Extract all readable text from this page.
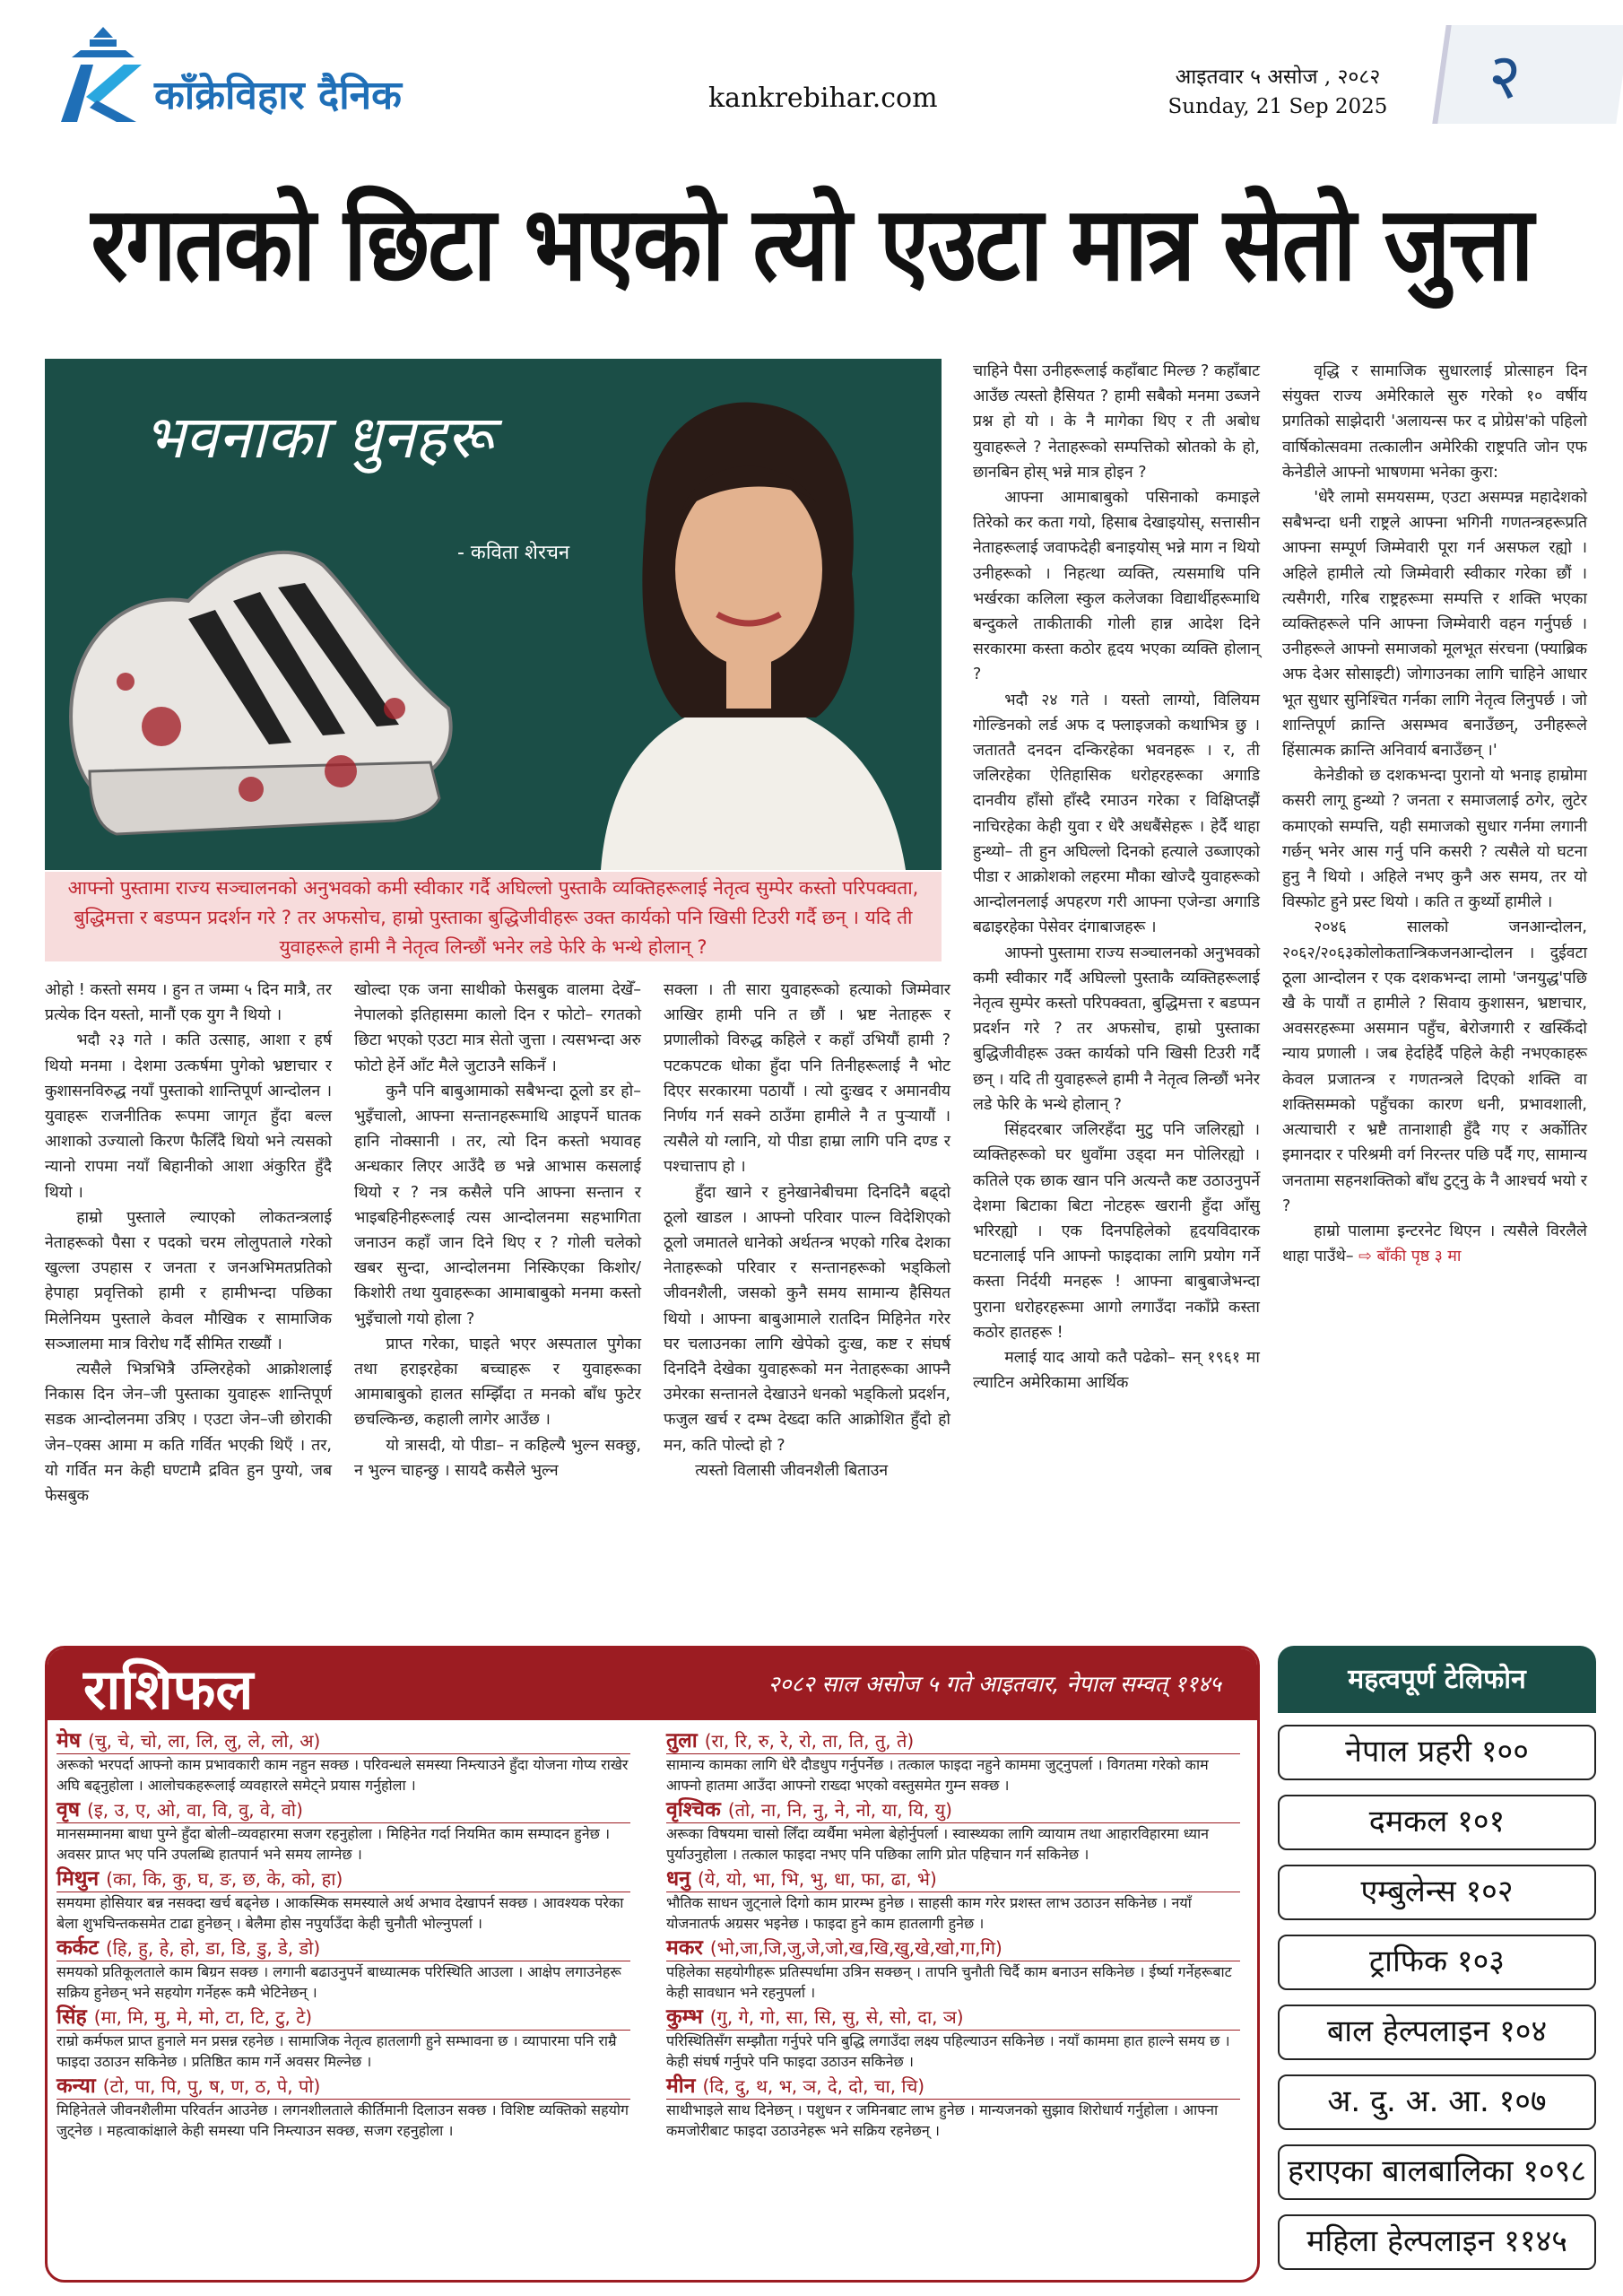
काँक्रेविहार दैनिक	kankrebihar.com
आइतवार ५ असोज , २०८२
Sunday, 21 Sep 2025 २
रगतको छिटा भएको त्यो एउटा मात्र सेतो जुत्ता
भवनाका धुनहरू
- कविता शेरचन
आफ्नो पुस्तामा राज्य सञ्चालनको अनुभवको कमी स्वीकार गर्दै अघिल्लो पुस्ताकै व्यक्तिहरूलाई नेतृत्व सुम्पेर कस्तो परिपक्वता, बुद्धिमत्ता र बडप्पन प्रदर्शन गरे ? तर अफसोच, हाम्रो पुस्ताका बुद्धिजीवीहरू उक्त कार्यको पनि खिसी टिउरी गर्दै छन् । यदि ती युवाहरूले हामी नै नेतृत्व लिन्छौं भनेर लडे फेरि के भन्थे होलान् ?

ओहो ! कस्तो समय । हुन त जम्मा ५ दिन मात्रै, तर प्रत्येक दिन यस्तो, मानौं एक युग नै थियो ।

भदौ २३ गते । कति उत्साह, आशा र हर्ष थियो मनमा । देशमा उत्कर्षमा पुगेको भ्रष्टाचार र कुशासनविरुद्ध नयाँ पुस्ताको शान्तिपूर्ण आन्दोलन । युवाहरू राजनीतिक रूपमा जागृत हुँदा बल्ल आशाको उज्यालो किरण फैलिँदै थियो भने त्यसको न्यानो रापमा नयाँ बिहानीको आशा अंकुरित हुँदै थियो ।

हाम्रो पुस्ताले ल्याएको लोकतन्त्रलाई नेताहरूको पैसा र पदको चरम लोलुपताले गरेको खुल्ला उपहास र जनता र जनअभिमतप्रतिको हेपाहा प्रवृत्तिको हामी र हामीभन्दा पछिका मिलेनियम पुस्ताले केवल मौखिक र सामाजिक सञ्जालमा मात्र विरोध गर्दै सीमित राख्यौं ।

त्यसैले भित्रभित्रै उम्लिरहेको आक्रोशलाई निकास दिन जेन–जी पुस्ताका युवाहरू शान्तिपूर्ण सडक आन्दोलनमा उत्रिए । एउटा जेन–जी छोराकी जेन–एक्स आमा म कति गर्वित भएकी थिएँ । तर, यो गर्वित मन केही घण्टामै द्रवित हुन पुग्यो, जब फेसबुक

खोल्दा एक जना साथीको फेसबुक वालमा देखेँ– नेपालको इतिहासमा कालो दिन र फोटो– रगतको छिटा भएको एउटा मात्र सेतो जुत्ता । त्यसभन्दा अरु फोटो हेर्ने आँट मैले जुटाउनै सकिनँ ।

कुनै पनि बाबुआमाको सबैभन्दा ठूलो डर हो– भुइँचालो, आफ्ना सन्तानहरूमाथि आइपर्ने घातक हानि नोक्सानी । तर, त्यो दिन कस्तो भयावह अन्धकार लिएर आउँदै छ भन्ने आभास कसलाई थियो र ? नत्र कसैले पनि आफ्ना सन्तान र भाइबहिनीहरूलाई त्यस आन्दोलनमा सहभागिता जनाउन कहाँ जान दिने थिए र ? गोली चलेको खबर सुन्दा, आन्दोलनमा निस्किएका किशोर/किशोरी तथा युवाहरूका आमाबाबुको मनमा कस्तो भुइँचालो गयो होला ?

प्राप्त गरेका, घाइते भएर अस्पताल पुगेका तथा हराइरहेका बच्चाहरू र युवाहरूका आमाबाबुको हालत सम्झिँदा त मनको बाँध फुटेर छचल्किन्छ, कहाली लागेर आउँछ ।

यो त्रासदी, यो पीडा– न कहिल्यै भुल्न सक्छु, न भुल्न चाहन्छु । सायदै कसैले भुल्न

सक्ला । ती सारा युवाहरूको हत्याको जिम्मेवार आखिर हामी पनि त छौं । भ्रष्ट नेताहरू र प्रणालीको विरुद्ध कहिले र कहाँ उभियौं हामी ? पटकपटक धोका हुँदा पनि तिनीहरूलाई नै भोट दिएर सरकारमा पठायौं । त्यो दुःखद र अमानवीय निर्णय गर्न सक्ने ठाउँमा हामीले नै त पुऱ्यायौं । त्यसैले यो ग्लानि, यो पीडा हाम्रा लागि पनि दण्ड र पश्चात्ताप हो ।

हुँदा खाने र हुनेखानेबीचमा दिनदिनै बढ्दो ठूलो खाडल । आफ्नो परिवार पाल्न विदेशिएको ठूलो जमातले धानेको अर्थतन्त्र भएको गरिब देशका नेताहरूको परिवार र सन्तानहरूको भड्किलो जीवनशैली, जसको कुनै समय सामान्य हैसियत थियो । आफ्ना बाबुआमाले रातदिन मिहिनेत गरेर घर चलाउनका लागि खेपेको दुःख, कष्ट र संघर्ष दिनदिनै देखेका युवाहरूको मन नेताहरूका आफ्नै उमेरका सन्तानले देखाउने धनको भड्किलो प्रदर्शन, फजुल खर्च र दम्भ देख्दा कति आक्रोशित हुँदो हो मन, कति पोल्दो हो ?

त्यस्तो विलासी जीवनशैली बिताउन

चाहिने पैसा उनीहरूलाई कहाँबाट मिल्छ ? कहाँबाट आउँछ त्यस्तो हैसियत ? हामी सबैको मनमा उब्जने प्रश्न हो यो । के नै मागेका थिए र ती अबोध युवाहरूले ? नेताहरूको सम्पत्तिको स्रोतको के हो, छानबिन होस् भन्ने मात्र होइन ?

आफ्ना आमाबाबुको पसिनाको कमाइले तिरेको कर कता गयो, हिसाब देखाइयोस्, सत्तासीन नेताहरूलाई जवाफदेही बनाइयोस् भन्ने माग न थियो उनीहरूको । निहत्था व्यक्ति, त्यसमाथि पनि भर्खरका कलिला स्कुल कलेजका विद्यार्थीहरूमाथि बन्दुकले ताकीताकी गोली हान्न आदेश दिने सरकारमा कस्ता कठोर हृदय भएका व्यक्ति होलान् ?

भदौ २४ गते । यस्तो लाग्यो, विलियम गोल्डिनको लर्ड अफ द फ्लाइजको कथाभित्र छु । जताततै दनदन दन्किरहेका भवनहरू । र, ती जलिरहेका ऐतिहासिक धरोहरहरूका अगाडि दानवीय हाँसो हाँस्दै रमाउन गरेका र विक्षिप्तझैं नाचिरहेका केही युवा र धेरै अधबैंसेहरू । हेर्दै थाहा हुन्थ्यो– ती हुन अघिल्लो दिनको हत्याले उब्जाएको पीडा र आक्रोशको लहरमा मौका खोज्दै युवाहरूको आन्दोलनलाई अपहरण गरी आफ्ना एजेन्डा अगाडि बढाइरहेका पेसेवर दंगाबाजहरू ।

आफ्नो पुस्तामा राज्य सञ्चालनको अनुभवको कमी स्वीकार गर्दै अघिल्लो पुस्ताकै व्यक्तिहरूलाई नेतृत्व सुम्पेर कस्तो परिपक्वता, बुद्धिमत्ता र बडप्पन प्रदर्शन गरे ? तर अफसोच, हाम्रो पुस्ताका बुद्धिजीवीहरू उक्त कार्यको पनि खिसी टिउरी गर्दै छन् । यदि ती युवाहरूले हामी नै नेतृत्व लिन्छौं भनेर लडे फेरि के भन्थे होलान् ?

सिंहदरबार जलिरहँदा मुटु पनि जलिरह्यो । व्यक्तिहरूको घर धुवाँमा उड्दा मन पोलिरह्यो । कतिले एक छाक खान पनि अत्यन्तै कष्ट उठाउनुपर्ने देशमा बिटाका बिटा नोटहरू खरानी हुँदा आँसु भरिरह्यो । एक दिनपहिलेको हृदयविदारक घटनालाई पनि आफ्नो फाइदाका लागि प्रयोग गर्ने कस्ता निर्दयी मनहरू ! आफ्ना बाबुबाजेभन्दा पुराना धरोहरहरूमा आगो लगाउँदा नकाँप्ने कस्ता कठोर हातहरू !

मलाई याद आयो कतै पढेको– सन् १९६१ मा ल्याटिन अमेरिकामा आर्थिक

वृद्धि र सामाजिक सुधारलाई प्रोत्साहन दिन संयुक्त राज्य अमेरिकाले सुरु गरेको १० वर्षीय प्रगतिको साझेदारी 'अलायन्स फर द प्रोग्रेस'को पहिलो वार्षिकोत्सवमा तत्कालीन अमेरिकी राष्ट्रपति जोन एफ केनेडीले आफ्नो भाषणमा भनेका कुरा:

'धेरै लामो समयसम्म, एउटा असम्पन्न महादेशको सबैभन्दा धनी राष्ट्रले आफ्ना भगिनी गणतन्त्रहरूप्रति आफ्ना सम्पूर्ण जिम्मेवारी पूरा गर्न असफल रह्यो । अहिले हामीले त्यो जिम्मेवारी स्वीकार गरेका छौं । त्यसैगरी, गरिब राष्ट्रहरूमा सम्पत्ति र शक्ति भएका व्यक्तिहरूले पनि आफ्ना जिम्मेवारी वहन गर्नुपर्छ । उनीहरूले आफ्नो समाजको मूलभूत संरचना (फ्याब्रिक अफ देअर सोसाइटी) जोगाउनका लागि चाहिने आधार भूत सुधार सुनिश्चित गर्नका लागि नेतृत्व लिनुपर्छ । जो शान्तिपूर्ण क्रान्ति असम्भव बनाउँछन्, उनीहरूले हिंसात्मक क्रान्ति अनिवार्य बनाउँछन् ।'

केनेडीको छ दशकभन्दा पुरानो यो भनाइ हाम्रोमा कसरी लागू हुन्थ्यो ? जनता र समाजलाई ठगेर, लुटेर कमाएको सम्पत्ति, यही समाजको सुधार गर्नमा लगानी गर्छन् भनेर आस गर्नु पनि कसरी ? त्यसैले यो घटना हुनु नै थियो । अहिले नभए कुनै अरु समय, तर यो विस्फोट हुने प्रस्ट थियो । कति त कुर्थ्यो हामीले ।

२०४६ सालको जनआन्दोलन, २०६२/२०६३कोलोकतान्त्रिकजनआन्दोलन । दुईवटा ठूला आन्दोलन र एक दशकभन्दा लामो 'जनयुद्ध'पछि खै के पायौं त हामीले ? सिवाय कुशासन, भ्रष्टाचार, अवसरहरूमा असमान पहुँच, बेरोजगारी र खस्किँदो न्याय प्रणाली । जब हेर्दाहेर्दै पहिले केही नभएकाहरू केवल प्रजातन्त्र र गणतन्त्रले दिएको शक्ति वा शक्तिसम्मको पहुँचका कारण धनी, प्रभावशाली, अत्याचारी र भ्रष्टै तानाशाही हुँदै गए र अर्कोतिर इमानदार र परिश्रमी वर्ग निरन्तर पछि पर्दै गए, सामान्य जनतामा सहनशक्तिको बाँध टुट्नु के नै आश्चर्य भयो र ?

हाम्रो पालामा इन्टरनेट थिएन । त्यसैले विरलैले थाहा पाउँथे– ⇨ बाँकी पृष्ठ ३ मा

राशिफल	२०८२ साल असोज ५ गते आइतवार, नेपाल सम्वत् ११४५
मेष (चु, चे, चो, ला, लि, लु, ले, लो, अ)
अरूको भरपर्दा आफ्नो काम प्रभावकारी काम नहुन सक्छ । परिवन्धले समस्या निम्त्याउने हुँदा योजना गोप्य राखेर अघि बढ्नुहोला । आलोचकहरूलाई व्यवहारले समेट्ने प्रयास गर्नुहोला ।
वृष (इ, उ, ए, ओ, वा, वि, वु, वे, वो)
मानसम्मानमा बाधा पुग्ने हुँदा बोली–व्यवहारमा सजग रहनुहोला । मिहिनेत गर्दा नियमित काम सम्पादन हुनेछ । अवसर प्राप्त भए पनि उपलब्धि हातपार्न भने समय लाग्नेछ ।
मिथुन (का, कि, कु, घ, ङ, छ, के, को, हा)
समयमा होसियार बन्न नसक्दा खर्च बढ्नेछ । आकस्मिक समस्याले अर्थ अभाव देखापर्न सक्छ । आवश्यक परेका बेला शुभचिन्तकसमेत टाढा हुनेछन् । बेलैमा होस नपुर्याउँदा केही चुनौती भोल्नुपर्ला ।
कर्कट (हि, हु, हे, हो, डा, डि, डु, डे, डो)
समयको प्रतिकूलताले काम बिग्रन सक्छ । लगानी बढाउनुपर्ने बाध्यात्मक परिस्थिति आउला । आक्षेप लगाउनेहरू सक्रिय हुनेछन् भने सहयोग गर्नेहरू कमै भेटिनेछन् ।
सिंह (मा, मि, मु, मे, मो, टा, टि, टु, टे)
राम्रो कर्मफल प्राप्त हुनाले मन प्रसन्न रहनेछ । सामाजिक नेतृत्व हातलागी हुने सम्भावना छ । व्यापारमा पनि राम्रै फाइदा उठाउन सकिनेछ । प्रतिष्ठित काम गर्ने अवसर मिल्नेछ ।
कन्या (टो, पा, पि, पु, ष, ण, ठ, पे, पो)
मिहिनेतले जीवनशैलीमा परिवर्तन आउनेछ । लगनशीलताले कीर्तिमानी दिलाउन सक्छ । विशिष्ट व्यक्तिको सहयोग जुट्नेछ । महत्वाकांक्षाले केही समस्या पनि निम्त्याउन सक्छ, सजग रहनुहोला ।
तुला (रा, रि, रु, रे, रो, ता, ति, तु, ते)
सामान्य कामका लागि धेरै दौडधुप गर्नुपर्नेछ । तत्काल फाइदा नहुने काममा जुट्नुपर्ला । विगतमा गरेको काम आफ्नो हातमा आउँदा आफ्नो राख्दा भएको वस्तुसमेत गुम्न सक्छ ।
वृश्चिक (तो, ना, नि, नु, ने, नो, या, यि, यु)
अरूका विषयमा चासो लिँदा व्यर्थैमा भमेला बेहोर्नुपर्ला । स्वास्थ्यका लागि व्यायाम तथा आहारविहारमा ध्यान पुर्याउनुहोला । तत्काल फाइदा नभए पनि पछिका लागि प्रोत पहिचान गर्न सकिनेछ ।
धनु (ये, यो, भा, भि, भु, धा, फा, ढा, भे)
भौतिक साधन जुट्नाले दिगो काम प्रारम्भ हुनेछ । साहसी काम गरेर प्रशस्त लाभ उठाउन सकिनेछ । नयाँ योजनातर्फ अग्रसर भइनेछ । फाइदा हुने काम हातलागी हुनेछ ।
मकर (भो,जा,जि,जु,जे,जो,ख,खि,खु,खे,खो,गा,गि)
पहिलेका सहयोगीहरू प्रतिस्पर्धामा उत्रिन सक्छन् । तापनि चुनौती चिर्दै काम बनाउन सकिनेछ । ईर्ष्या गर्नेहरूबाट केही सावधान भने रहनुपर्ला ।
कुम्भ (गु, गे, गो, सा, सि, सु, से, सो, दा, ञ)
परिस्थितिसँग सम्झौता गर्नुपरे पनि बुद्धि लगाउँदा लक्ष्य पहिल्याउन सकिनेछ । नयाँ काममा हात हाल्ने समय छ । केही संघर्ष गर्नुपरे पनि फाइदा उठाउन सकिनेछ ।
मीन (दि, दु, थ, भ, ञ, दे, दो, चा, चि)
साथीभाइले साथ दिनेछन् । पशुधन र जमिनबाट लाभ हुनेछ । मान्यजनको सुझाव शिरोधार्य गर्नुहोला । आफ्ना कमजोरीबाट फाइदा उठाउनेहरू भने सक्रिय रहनेछन् ।
महत्वपूर्ण टेलिफोन
नेपाल प्रहरी १००
दमकल १०१
एम्बुलेन्स १०२
ट्राफिक १०३
बाल हेल्पलाइन १०४
अ. दु. अ. आ. १०७
हराएका बालबालिका १०९८
महिला हेल्पलाइन ११४५
